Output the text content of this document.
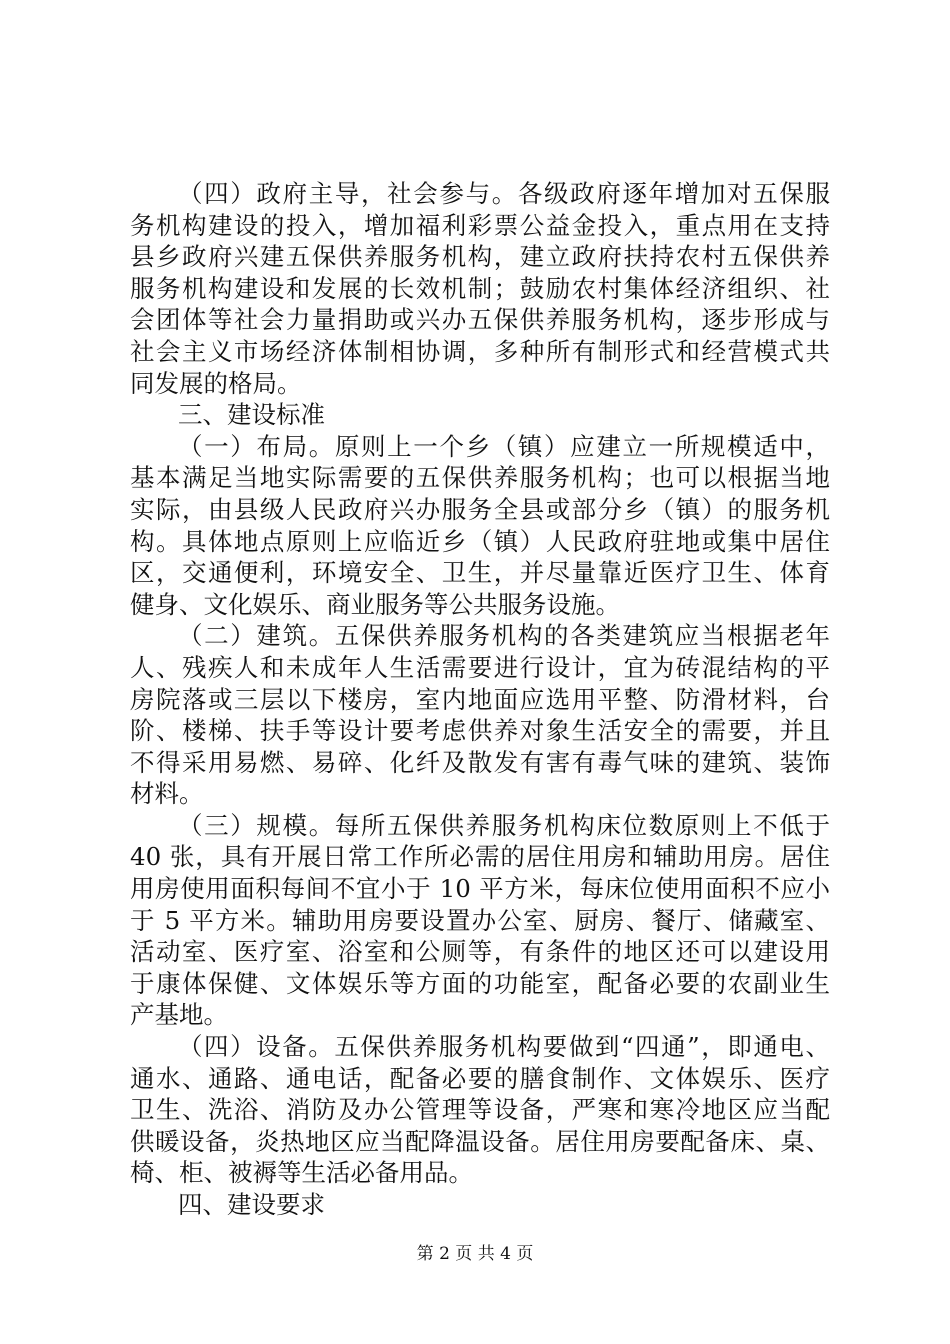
（四）政府主导，社会参与。各级政府逐年增加对五保服
务机构建设的投入，增加福利彩票公益金投入，重点用在支持
县乡政府兴建五保供养服务机构，建立政府扶持农村五保供养
服务机构建设和发展的长效机制；鼓励农村集体经济组织、社
会团体等社会力量捐助或兴办五保供养服务机构，逐步形成与
社会主义市场经济体制相协调，多种所有制形式和经营模式共
同发展的格局。
三、建设标准
（一）布局。原则上一个乡（镇）应建立一所规模适中，
基本满足当地实际需要的五保供养服务机构；也可以根据当地
实际，由县级人民政府兴办服务全县或部分乡（镇）的服务机
构。具体地点原则上应临近乡（镇）人民政府驻地或集中居住
区，交通便利，环境安全、卫生，并尽量靠近医疗卫生、体育
健身、文化娱乐、商业服务等公共服务设施。
（二）建筑。五保供养服务机构的各类建筑应当根据老年
人、残疾人和未成年人生活需要进行设计，宜为砖混结构的平
房院落或三层以下楼房，室内地面应选用平整、防滑材料，台
阶、楼梯、扶手等设计要考虑供养对象生活安全的需要，并且
不得采用易燃、易碎、化纤及散发有害有毒气味的建筑、装饰
材料。
（三）规模。每所五保供养服务机构床位数原则上不低于
40 张，具有开展日常工作所必需的居住用房和辅助用房。居住
用房使用面积每间不宜小于 10 平方米，每床位使用面积不应小
于 5 平方米。辅助用房要设置办公室、厨房、餐厅、储藏室、
活动室、医疗室、浴室和公厕等，有条件的地区还可以建设用
于康体保健、文体娱乐等方面的功能室，配备必要的农副业生
产基地。
（四）设备。五保供养服务机构要做到“四通”，即通电、
通水、通路、通电话，配备必要的膳食制作、文体娱乐、医疗
卫生、洗浴、消防及办公管理等设备，严寒和寒冷地区应当配
供暖设备，炎热地区应当配降温设备。居住用房要配备床、桌、
椅、柜、被褥等生活必备用品。
四、建设要求
第 2 页 共 4 页
